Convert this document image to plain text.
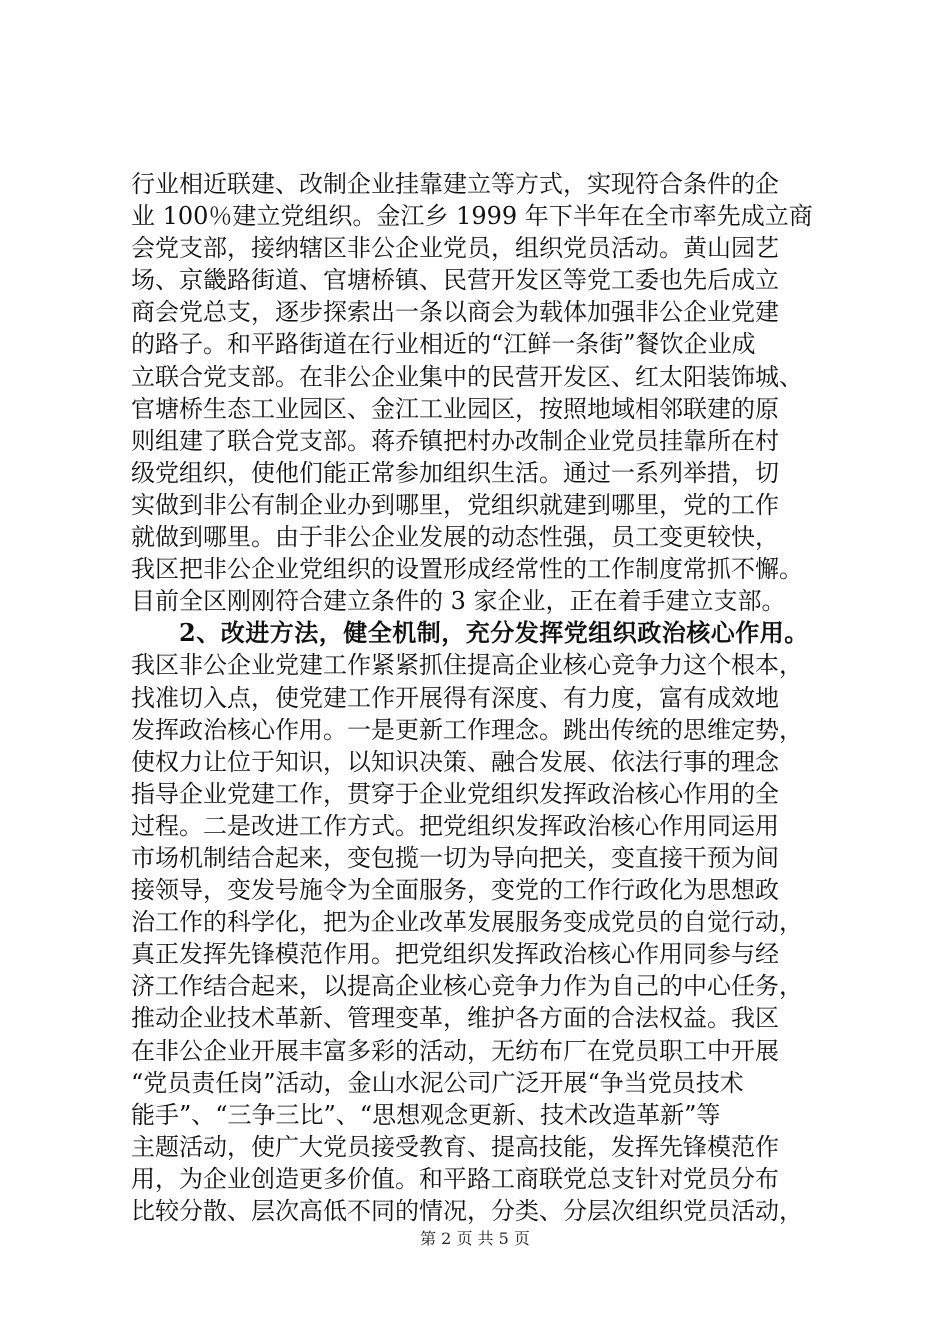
行业相近联建、改制企业挂靠建立等方式，实现符合条件的企
业 100％建立党组织。金江乡 1999 年下半年在全市率先成立商
会党支部，接纳辖区非公企业党员，组织党员活动。黄山园艺
场、京畿路街道、官塘桥镇、民营开发区等党工委也先后成立
商会党总支，逐步探索出一条以商会为载体加强非公企业党建
的路子。和平路街道在行业相近的“江鲜一条街”餐饮企业成
立联合党支部。在非公企业集中的民营开发区、红太阳装饰城、
官塘桥生态工业园区、金江工业园区，按照地域相邻联建的原
则组建了联合党支部。蒋乔镇把村办改制企业党员挂靠所在村
级党组织，使他们能正常参加组织生活。通过一系列举措，切
实做到非公有制企业办到哪里，党组织就建到哪里，党的工作
就做到哪里。由于非公企业发展的动态性强，员工变更较快，
我区把非公企业党组织的设置形成经常性的工作制度常抓不懈。
目前全区刚刚符合建立条件的 3 家企业，正在着手建立支部。
2、改进方法，健全机制，充分发挥党组织政治核心作用。
我区非公企业党建工作紧紧抓住提高企业核心竞争力这个根本，
找准切入点，使党建工作开展得有深度、有力度，富有成效地
发挥政治核心作用。一是更新工作理念。跳出传统的思维定势，
使权力让位于知识，以知识决策、融合发展、依法行事的理念
指导企业党建工作，贯穿于企业党组织发挥政治核心作用的全
过程。二是改进工作方式。把党组织发挥政治核心作用同运用
市场机制结合起来，变包揽一切为导向把关，变直接干预为间
接领导，变发号施令为全面服务，变党的工作行政化为思想政
治工作的科学化，把为企业改革发展服务变成党员的自觉行动，
真正发挥先锋模范作用。把党组织发挥政治核心作用同参与经
济工作结合起来，以提高企业核心竞争力作为自己的中心任务，
推动企业技术革新、管理变革，维护各方面的合法权益。我区
在非公企业开展丰富多彩的活动，无纺布厂在党员职工中开展
“党员责任岗”活动，金山水泥公司广泛开展“争当党员技术
能手”、“三争三比”、“思想观念更新、技术改造革新”等
主题活动，使广大党员接受教育、提高技能，发挥先锋模范作
用，为企业创造更多价值。和平路工商联党总支针对党员分布
比较分散、层次高低不同的情况，分类、分层次组织党员活动，
第 2 页 共 5 页
